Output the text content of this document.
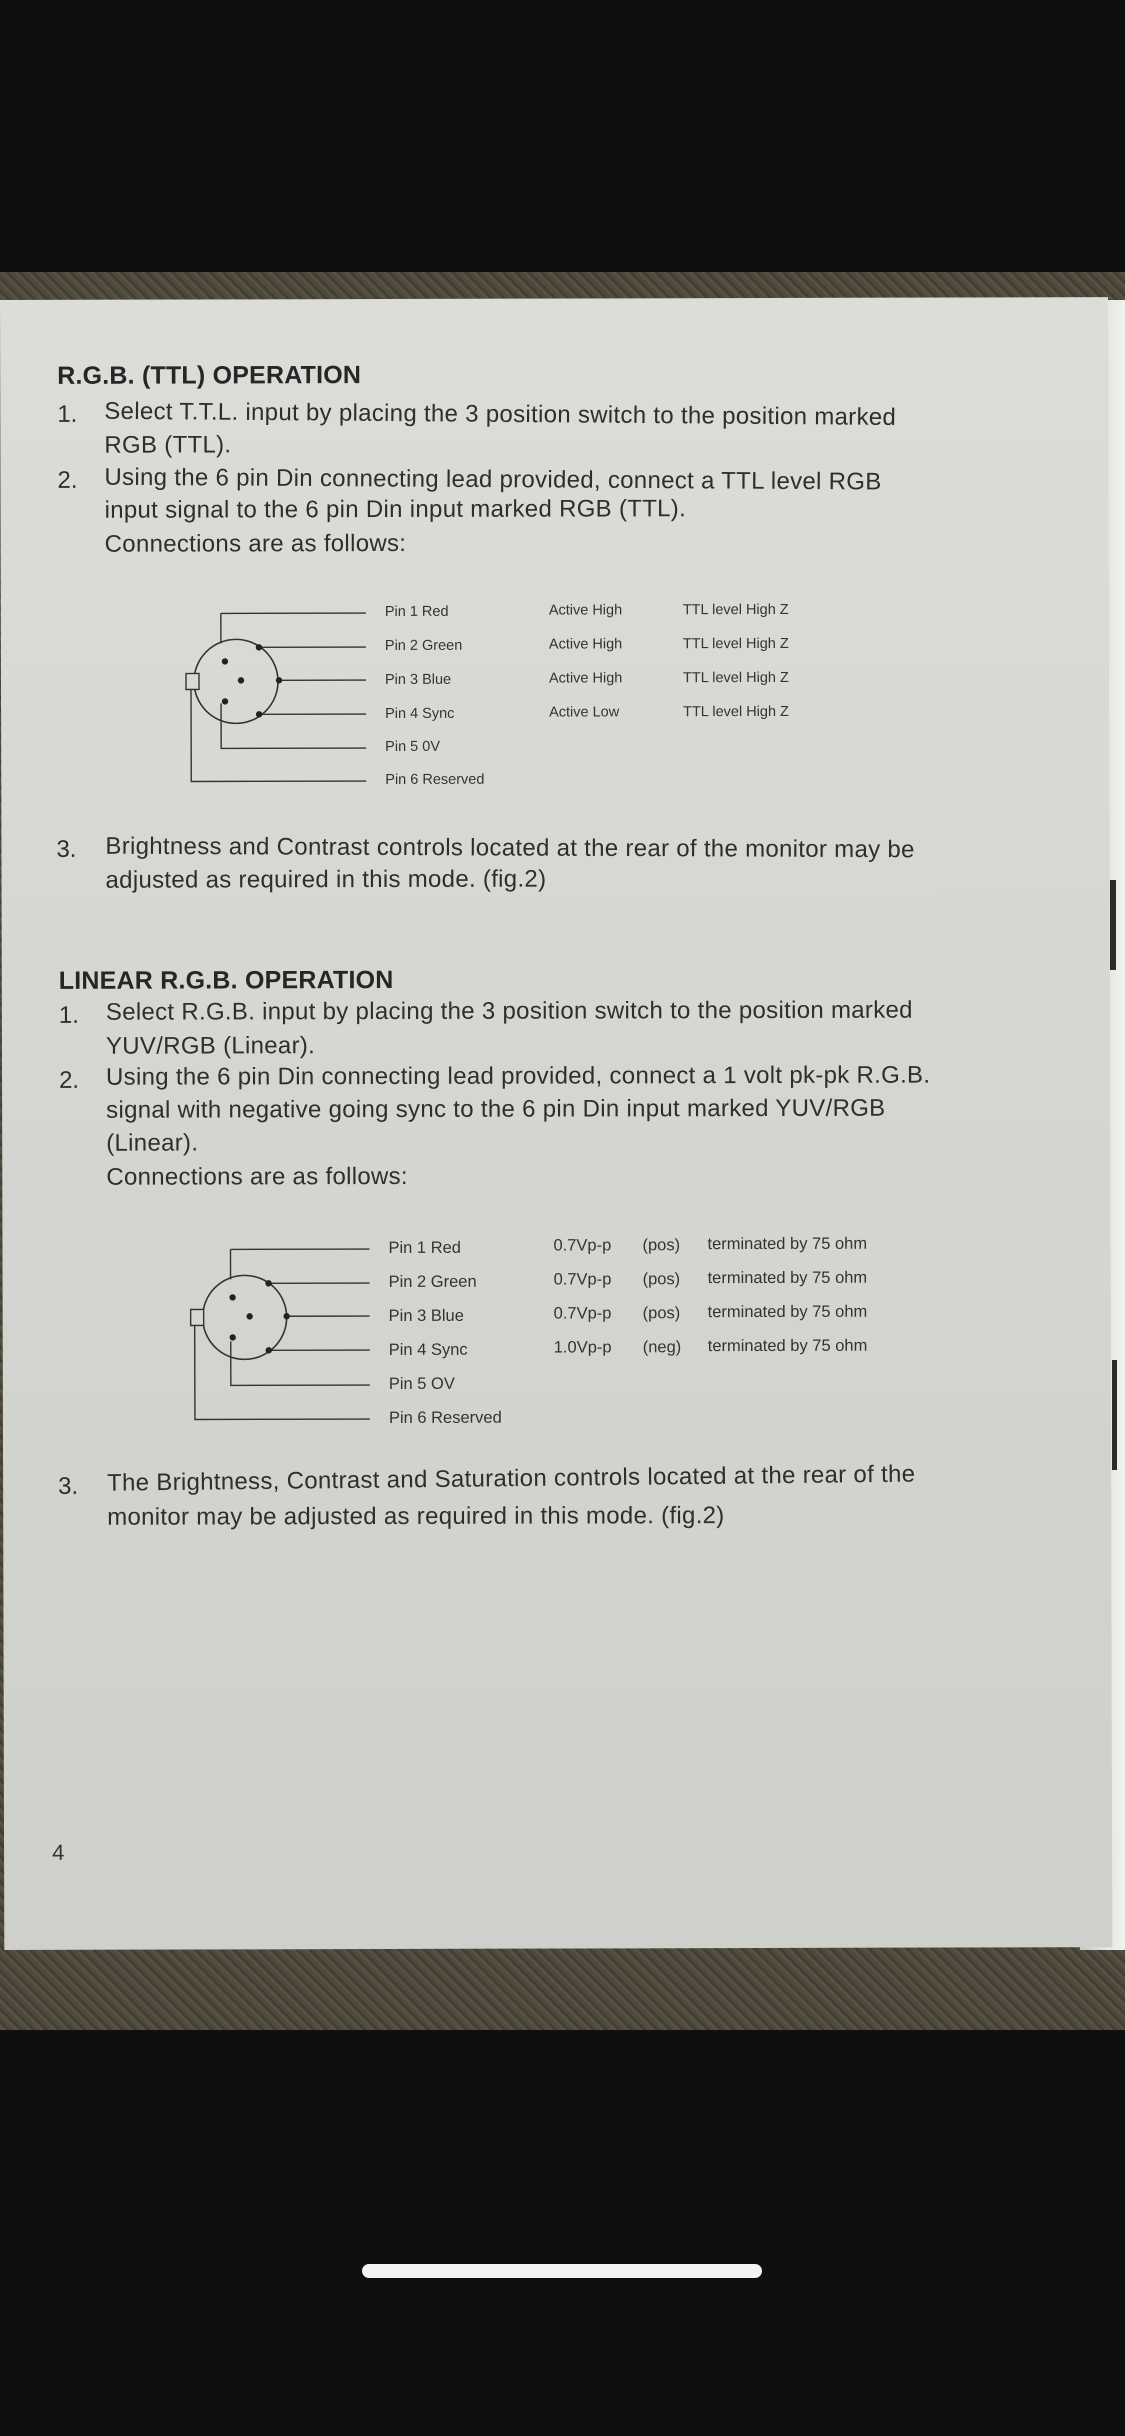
R.G.B. (TTL) OPERATION
1. Select T.T.L. input by placing the 3 position switch to the position marked
RGB (TTL).
2. Using the 6 pin Din connecting lead provided, connect a TTL level RGB
input signal to the 6 pin Din input marked RGB (TTL).
Connections are as follows:
Pin 1 Red
Pin 2 Green
Pin 3 Blue
Pin 4 Sync
Pin 5 0V
Pin 6 Reserved
Active High
Active High
Active High
Active Low
TTL level High Z
TTL level High Z
TTL level High Z
TTL level High Z
3. Brightness and Contrast controls located at the rear of the monitor may be
adjusted as required in this mode. (fig.2)
LINEAR R.G.B. OPERATION
1. Select R.G.B. input by placing the 3 position switch to the position marked
YUV/RGB (Linear).
2. Using the 6 pin Din connecting lead provided, connect a 1 volt pk-pk R.G.B.
signal with negative going sync to the 6 pin Din input marked YUV/RGB
(Linear).
Connections are as follows:
Pin 1 Red
Pin 2 Green
Pin 3 Blue
Pin 4 Sync
Pin 5 OV
Pin 6 Reserved
0.7Vp-p
0.7Vp-p
0.7Vp-p
1.0Vp-p
(pos)
(pos)
(pos)
(neg)
terminated by 75 ohm
terminated by 75 ohm
terminated by 75 ohm
terminated by 75 ohm
3. The Brightness, Contrast and Saturation controls located at the rear of the
monitor may be adjusted as required in this mode. (fig.2)
4
